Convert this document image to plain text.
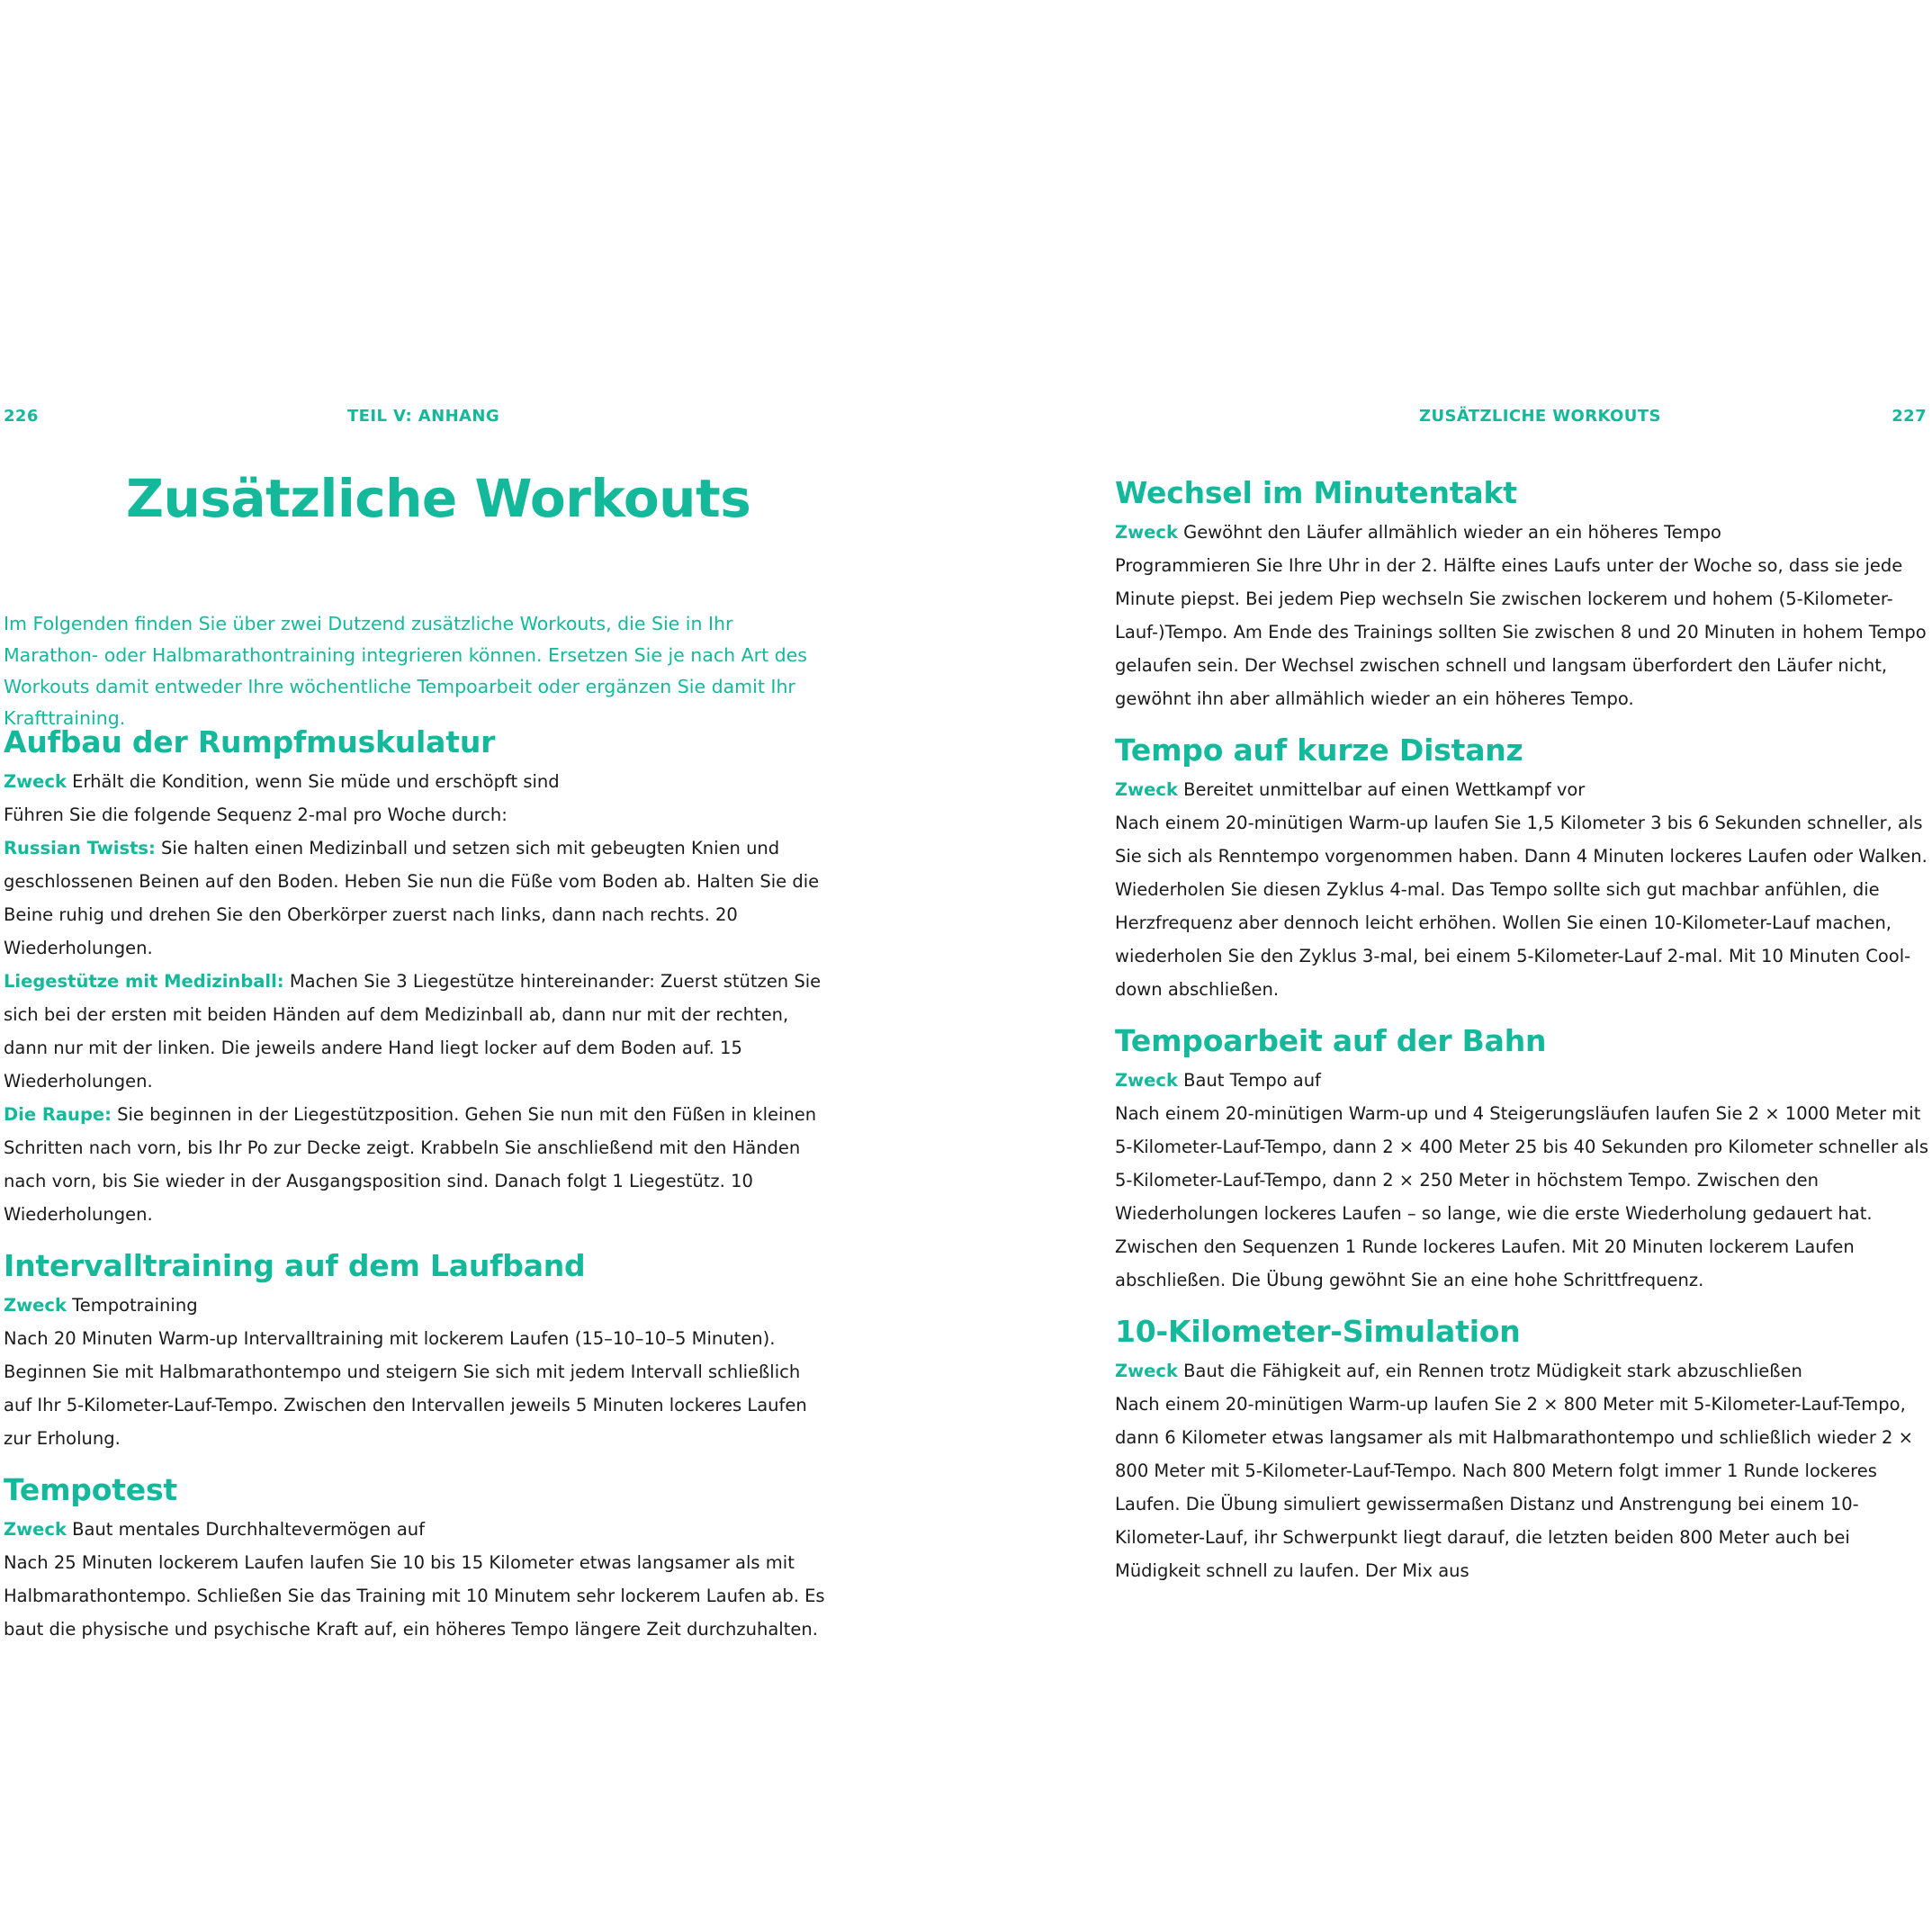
226	TEIL V: ANHANG
Zusätzliche Workouts

Im Folgenden finden Sie über zwei Dutzend zusätzliche Workouts, die Sie in Ihr Marathon- oder Halbmarathontraining integrieren können. Ersetzen Sie je nach Art des Workouts damit entweder Ihre wöchentliche Tempoarbeit oder ergänzen Sie damit Ihr Krafttraining.

Aufbau der Rumpfmuskulatur

Zweck Erhält die Kondition, wenn Sie müde und erschöpft sind

Führen Sie die folgende Sequenz 2-mal pro Woche durch:

Russian Twists: Sie halten einen Medizinball und setzen sich mit gebeugten Knien und geschlossenen Beinen auf den Boden. Heben Sie nun die Füße vom Boden ab. Halten Sie die Beine ruhig und drehen Sie den Oberkörper zuerst nach links, dann nach rechts. 20 Wiederholungen.

Liegestütze mit Medizinball: Machen Sie 3 Liegestütze hintereinander: Zuerst stützen Sie sich bei der ersten mit beiden Händen auf dem Medizinball ab, dann nur mit der rechten, dann nur mit der linken. Die jeweils andere Hand liegt locker auf dem Boden auf. 15 Wiederholungen.

Die Raupe: Sie beginnen in der Liegestützposition. Gehen Sie nun mit den Füßen in kleinen Schritten nach vorn, bis Ihr Po zur Decke zeigt. Krabbeln Sie anschließend mit den Händen nach vorn, bis Sie wieder in der Ausgangsposition sind. Danach folgt 1 Liegestütz. 10 Wiederholungen.

Intervalltraining auf dem Laufband

Zweck Tempotraining

Nach 20 Minuten Warm-up Intervalltraining mit lockerem Laufen (15–10–10–5 Minuten). Beginnen Sie mit Halbmarathontempo und steigern Sie sich mit jedem Intervall schließlich auf Ihr 5-Kilometer-Lauf-Tempo. Zwischen den Intervallen jeweils 5 Minuten lockeres Laufen zur Erholung.

Tempotest

Zweck Baut mentales Durchhaltevermögen auf

Nach 25 Minuten lockerem Laufen laufen Sie 10 bis 15 Kilometer etwas langsamer als mit Halbmarathontempo. Schließen Sie das Training mit 10 Minutem sehr lockerem Laufen ab. Es baut die physische und psychische Kraft auf, ein höheres Tempo längere Zeit durchzuhalten.

ZUSÄTZLICHE WORKOUTS	227
Wechsel im Minutentakt

Zweck Gewöhnt den Läufer allmählich wieder an ein höheres Tempo

Programmieren Sie Ihre Uhr in der 2. Hälfte eines Laufs unter der Woche so, dass sie jede Minute piepst. Bei jedem Piep wechseln Sie zwischen lockerem und hohem (5-Kilometer-Lauf-)Tempo. Am Ende des Trainings sollten Sie zwischen 8 und 20 Minuten in hohem Tempo gelaufen sein. Der Wechsel zwischen schnell und langsam überfordert den Läufer nicht, gewöhnt ihn aber allmählich wieder an ein höheres Tempo.

Tempo auf kurze Distanz

Zweck Bereitet unmittelbar auf einen Wettkampf vor

Nach einem 20-minütigen Warm-up laufen Sie 1,5 Kilometer 3 bis 6 Sekunden schneller, als Sie sich als Renntempo vorgenommen haben. Dann 4 Minuten lockeres Laufen oder Walken. Wiederholen Sie diesen Zyklus 4-mal. Das Tempo sollte sich gut machbar anfühlen, die Herzfrequenz aber dennoch leicht erhöhen. Wollen Sie einen 10-Kilometer-Lauf machen, wiederholen Sie den Zyklus 3-mal, bei einem 5-Kilometer-Lauf 2-mal. Mit 10 Minuten Cool-down abschließen.

Tempoarbeit auf der Bahn

Zweck Baut Tempo auf

Nach einem 20-minütigen Warm-up und 4 Steigerungsläufen laufen Sie 2 × 1000 Meter mit 5-Kilometer-Lauf-Tempo, dann 2 × 400 Meter 25 bis 40 Sekunden pro Kilometer schneller als 5-Kilometer-Lauf-Tempo, dann 2 × 250 Meter in höchstem Tempo. Zwischen den Wiederholungen lockeres Laufen – so lange, wie die erste Wiederholung gedauert hat. Zwischen den Sequenzen 1 Runde lockeres Laufen. Mit 20 Minuten lockerem Laufen abschließen. Die Übung gewöhnt Sie an eine hohe Schrittfrequenz.

10-Kilometer-Simulation

Zweck Baut die Fähigkeit auf, ein Rennen trotz Müdigkeit stark abzuschließen

Nach einem 20-minütigen Warm-up laufen Sie 2 × 800 Meter mit 5-Kilometer-Lauf-Tempo, dann 6 Kilometer etwas langsamer als mit Halbmarathontempo und schließlich wieder 2 × 800 Meter mit 5-Kilometer-Lauf-Tempo. Nach 800 Metern folgt immer 1 Runde lockeres Laufen. Die Übung simuliert gewissermaßen Distanz und Anstrengung bei einem 10-Kilometer-Lauf, ihr Schwerpunkt liegt darauf, die letzten beiden 800 Meter auch bei Müdigkeit schnell zu laufen. Der Mix aus
